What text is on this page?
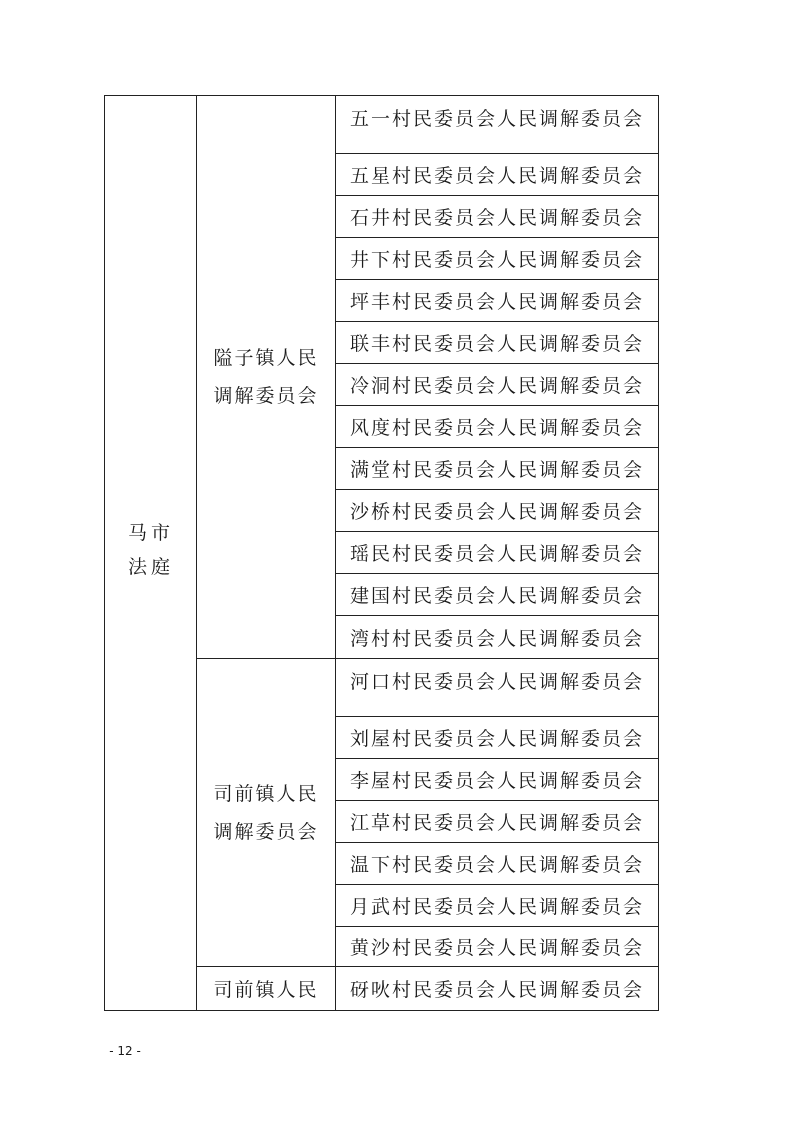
马市
法庭
隘子镇人民
调解委员会
司前镇人民
调解委员会
司前镇人民
五一村民委员会人民调解委员会
五星村民委员会人民调解委员会
石井村民委员会人民调解委员会
井下村民委员会人民调解委员会
坪丰村民委员会人民调解委员会
联丰村民委员会人民调解委员会
冷洞村民委员会人民调解委员会
风度村民委员会人民调解委员会
满堂村民委员会人民调解委员会
沙桥村民委员会人民调解委员会
瑶民村民委员会人民调解委员会
建国村民委员会人民调解委员会
湾村村民委员会人民调解委员会
河口村民委员会人民调解委员会
刘屋村民委员会人民调解委员会
李屋村民委员会人民调解委员会
江草村民委员会人民调解委员会
温下村民委员会人民调解委员会
月武村民委员会人民调解委员会
黄沙村民委员会人民调解委员会
砑吙村民委员会人民调解委员会
- 12 -
